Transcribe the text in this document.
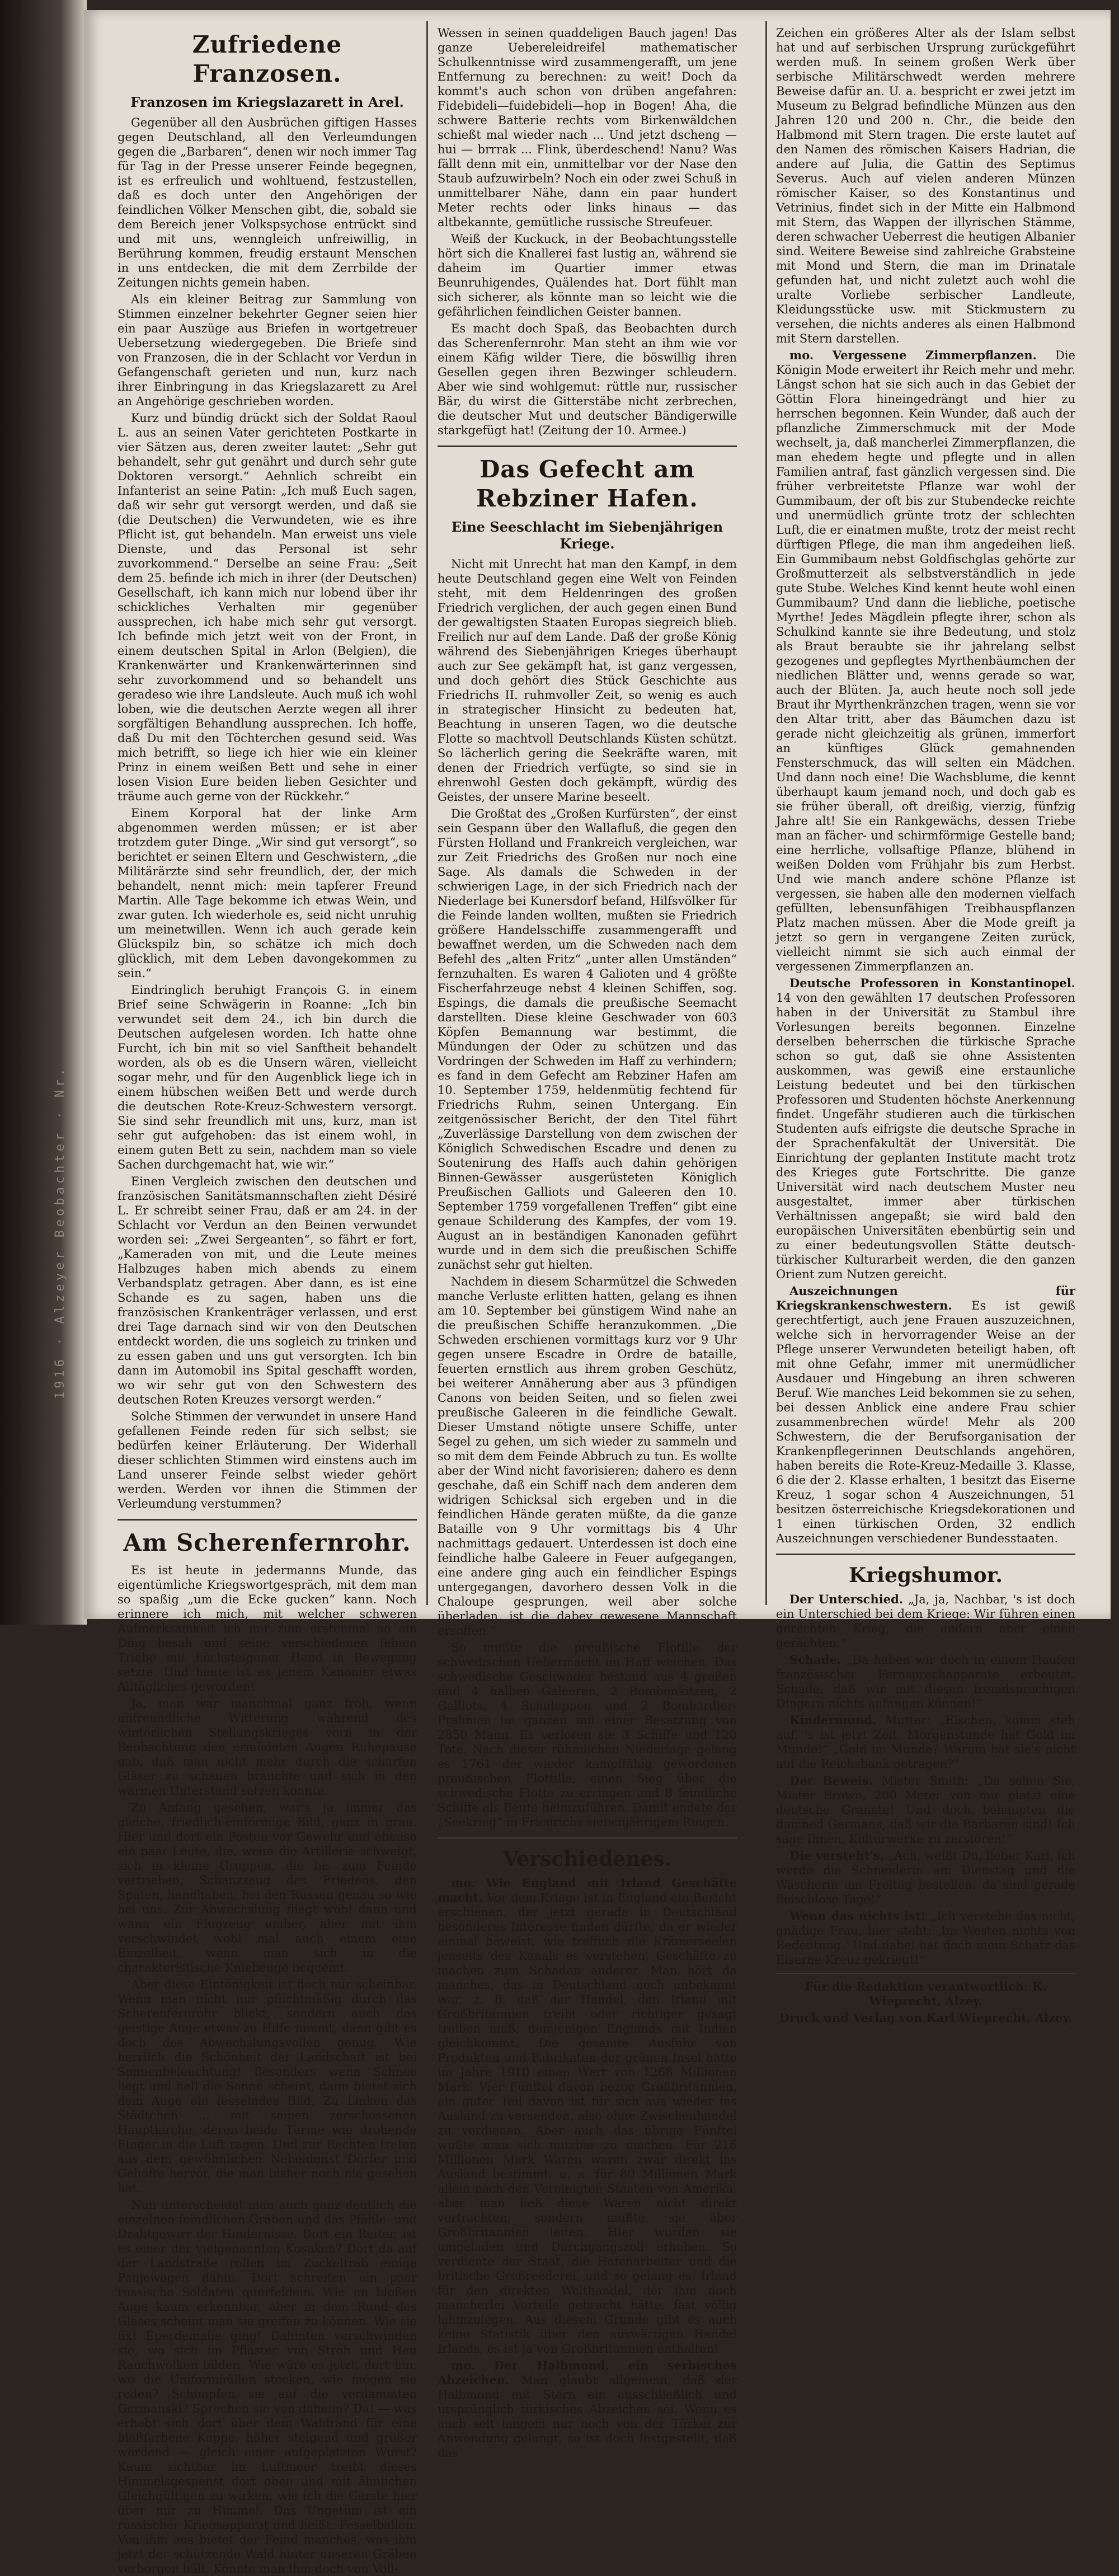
1916 · Alzeyer Beobachter · Nr.
Zufriedene Franzosen.
Franzosen im Kriegslazarett in Arel.

Gegenüber all den Ausbrüchen giftigen Hasses gegen Deutschland, all den Verleumdungen gegen die „Barbaren“, denen wir noch immer Tag für Tag in der Presse unserer Feinde begegnen, ist es erfreulich und wohltuend, festzustellen, daß es doch unter den Angehörigen der feindlichen Völker Menschen gibt, die, sobald sie dem Bereich jener Volkspsychose entrückt sind und mit uns, wenngleich unfreiwillig, in Berührung kommen, freudig erstaunt Menschen in uns entdecken, die mit dem Zerrbilde der Zeitungen nichts gemein haben.

Als ein kleiner Beitrag zur Sammlung von Stimmen einzelner bekehrter Gegner seien hier ein paar Auszüge aus Briefen in wortgetreuer Uebersetzung wiedergegeben. Die Briefe sind von Franzosen, die in der Schlacht vor Verdun in Gefangenschaft gerieten und nun, kurz nach ihrer Einbringung in das Kriegslazarett zu Arel an Angehörige geschrieben worden.

Kurz und bündig drückt sich der Soldat Raoul L. aus an seinen Vater gerichteten Postkarte in vier Sätzen aus, deren zweiter lautet: „Sehr gut behandelt, sehr gut genährt und durch sehr gute Doktoren versorgt.“ Aehnlich schreibt ein Infanterist an seine Patin: „Ich muß Euch sagen, daß wir sehr gut versorgt werden, und daß sie (die Deutschen) die Verwundeten, wie es ihre Pflicht ist, gut behandeln. Man erweist uns viele Dienste, und das Personal ist sehr zuvorkommend.“ Derselbe an seine Frau: „Seit dem 25. befinde ich mich in ihrer (der Deutschen) Gesellschaft, ich kann mich nur lobend über ihr schickliches Verhalten mir gegenüber aussprechen, ich habe mich sehr gut versorgt. Ich befinde mich jetzt weit von der Front, in einem deutschen Spital in Arlon (Belgien), die Krankenwärter und Krankenwärterinnen sind sehr zuvorkommend und so behandelt uns geradeso wie ihre Landsleute. Auch muß ich wohl loben, wie die deutschen Aerzte wegen all ihrer sorgfältigen Behandlung aussprechen. Ich hoffe, daß Du mit den Töchterchen gesund seid. Was mich betrifft, so liege ich hier wie ein kleiner Prinz in einem weißen Bett und sehe in einer losen Vision Eure beiden lieben Gesichter und träume auch gerne von der Rückkehr.“

Einem Korporal hat der linke Arm abgenommen werden müssen; er ist aber trotzdem guter Dinge. „Wir sind gut versorgt“, so berichtet er seinen Eltern und Geschwistern, „die Militärärzte sind sehr freundlich, der, der mich behandelt, nennt mich: mein tapferer Freund Martin. Alle Tage bekomme ich etwas Wein, und zwar guten. Ich wiederhole es, seid nicht unruhig um meinetwillen. Wenn ich auch gerade kein Glückspilz bin, so schätze ich mich doch glücklich, mit dem Leben davongekommen zu sein.“

Eindringlich beruhigt François G. in einem Brief seine Schwägerin in Roanne: „Ich bin verwundet seit dem 24., ich bin durch die Deutschen aufgelesen worden. Ich hatte ohne Furcht, ich bin mit so viel Sanftheit behandelt worden, als ob es die Unsern wären, vielleicht sogar mehr, und für den Augenblick liege ich in einem hübschen weißen Bett und werde durch die deutschen Rote-Kreuz-Schwestern versorgt. Sie sind sehr freundlich mit uns, kurz, man ist sehr gut aufgehoben: das ist einem wohl, in einem guten Bett zu sein, nachdem man so viele Sachen durchgemacht hat, wie wir.“

Einen Vergleich zwischen den deutschen und französischen Sanitätsmannschaften zieht Désiré L. Er schreibt seiner Frau, daß er am 24. in der Schlacht vor Verdun an den Beinen verwundet worden sei: „Zwei Sergeanten“, so fährt er fort, „Kameraden von mit, und die Leute meines Halbzuges haben mich abends zu einem Verbandsplatz getragen. Aber dann, es ist eine Schande es zu sagen, haben uns die französischen Krankenträger verlassen, und erst drei Tage darnach sind wir von den Deutschen entdeckt worden, die uns sogleich zu trinken und zu essen gaben und uns gut versorgten. Ich bin dann im Automobil ins Spital geschafft worden, wo wir sehr gut von den Schwestern des deutschen Roten Kreuzes versorgt werden.“

Solche Stimmen der verwundet in unsere Hand gefallenen Feinde reden für sich selbst; sie bedürfen keiner Erläuterung. Der Widerhall dieser schlichten Stimmen wird einstens auch im Land unserer Feinde selbst wieder gehört werden. Werden vor ihnen die Stimmen der Verleumdung verstummen?

Am Scherenfernrohr.

Es ist heute in jedermanns Munde, das eigentümliche Kriegswortgespräch, mit dem man so spaßig „um die Ecke gucken“ kann. Noch erinnere ich mich, mit welcher schweren Aufmerksamkeit ich mir zum erstenmal so ein Ding besah und seine verschiedenen feinen Triebe mit höchsteigener Hand in Bewegung setzte. Und heute ist es jenem Kanonier etwas Alltägliches geworden!

Ja, man war manchmal ganz froh, wenn unfreundliche Witterung während des winterlichen Stellungskrieges vorn in der Beobachtung den ermüdeten Augen Ruhepause gab, daß man nicht mehr durch die scharfen Gläser zu schauen brauchte und sich in den warmen Unterstand setzen konnte.

Zu Anfang gesehen, war's ja immer das gleiche, friedlich-einförmige Bild, ganz in grau. Hier und dort ein Posten vor Gewehr und ebenso ein paar Leute, die, wenn die Artillerie schweigt, sich in kleine Gruppen, die bis zum Feinde vertrieben, Schanzzeug des Friedens, den Spaten, handhaben; bei den Russen genau so wie bei uns. Zur Abwechslung fliegt wohl dann und wann ein Flugzeug umher, aber mit ihm verschwindet wohl mal auch einem eine Einzelheit, wenn man sich in die charakteristische Kniebeuge bequemt.

Aber diese Eintönigkeit ist doch nur scheinbar. Wenn man nicht nur pflichtmäßig durch das Scherenfernrohr blickt, sondern auch das geistige Auge etwas zu Hilfe nimmt, dann gibt es doch des Abwechslungsvollen genug. Wie herrlich die Schönheit der Landschaft ist bei Sonnenbeleuchtung! Besonders wenn Schnee liegt und hell die Sonne scheint, dann bietet sich dem Auge ein fesselndes Bild. Zu Linken das Städtchen ... mit seinen zerschossenen Hauptkirche, deren beide Türme wie drohende Finger in die Luft ragen. Und zur Rechten treten aus dem gewöhnlichen Nebeldunst Dörfer und Gehöfte hervor, die man bisher noch nie gesehen hat.

Nun unterscheidet man auch ganz deutlich die einzelnen feindlichen Gräben und das Pfähle- und Drahtgewirr der Hindernisse. Dort ein Reiter, ist es einer der vielgenannten Kosaken? Dort da auf der Landstraße rollen im Zuckeltrab einige Panjewagen dahin. Dort schreiten ein paar russische Soldaten querfeldein. Wie im bloßen Auge kaum erkennbar, aber in dem Rund des Glases scheint man sie greifen zu können. Wie sie fix! Eperdemalie ging! Dahinten verschwinden sie, wo sich im Pflaster von Stroh und Heu Rauchwolken bilden. Wie wäre es jetzt, dort hin, wo die Uniformhüllen stecken, wie mögen sie reden? Schimpfen sie auf die verdammten Germanski? Sprechen sie von daheim? Da! — was erhebt sich dort über dem Waldrand für eine blaßfarbene Kuppe, höher steigend und größer werdend — gleich einer aufgeplatzten Wurst? Kaum sichtbar im Luftmeer treibt dieses Himmelsgespenst dort oben und mit ähnlichen Gleichgültigen zu wirken, wie ich die Gerste hier über mir zu Himmel. Das Ungetüm ist ein russischer Kriegsapparat und heißt: Fesselballon. Von ihm aus bietet der Feind manches, was ihm jetzt der schützende Wald hinter unseren Gräben verborgen hält. Könnte man ihm doch von Voll-

Wessen in seinen quaddeligen Bauch jagen! Das ganze Uebereleidreifel mathematischer Schulkenntnisse wird zusammengerafft, um jene Entfernung zu berechnen: zu weit! Doch da kommt's auch schon von drüben angefahren: Fidebideli—fuidebideli—hop in Bogen! Aha, die schwere Batterie rechts vom Birkenwäldchen schießt mal wieder nach ... Und jetzt dscheng — hui — brrrak ... Flink, überdeschend! Nanu? Was fällt denn mit ein, unmittelbar vor der Nase den Staub aufzuwirbeln? Noch ein oder zwei Schuß in unmittelbarer Nähe, dann ein paar hundert Meter rechts oder links hinaus — das altbekannte, gemütliche russische Streufeuer.

Weiß der Kuckuck, in der Beobachtungsstelle hört sich die Knallerei fast lustig an, während sie daheim im Quartier immer etwas Beunruhigendes, Quälendes hat. Dort fühlt man sich sicherer, als könnte man so leicht wie die gefährlichen feindlichen Geister bannen.

Es macht doch Spaß, das Beobachten durch das Scherenfernrohr. Man steht an ihm wie vor einem Käfig wilder Tiere, die böswillig ihren Gesellen gegen ihren Bezwinger schleudern. Aber wie sind wohlgemut: rüttle nur, russischer Bär, du wirst die Gitterstäbe nicht zerbrechen, die deutscher Mut und deutscher Bändigerwille starkgefügt hat! (Zeitung der 10. Armee.)

Das Gefecht am Rebziner Hafen.
Eine Seeschlacht im Siebenjährigen Kriege.

Nicht mit Unrecht hat man den Kampf, in dem heute Deutschland gegen eine Welt von Feinden steht, mit dem Heldenringen des großen Friedrich verglichen, der auch gegen einen Bund der gewaltigsten Staaten Europas siegreich blieb. Freilich nur auf dem Lande. Daß der große König während des Siebenjährigen Krieges überhaupt auch zur See gekämpft hat, ist ganz vergessen, und doch gehört dies Stück Geschichte aus Friedrichs II. ruhmvoller Zeit, so wenig es auch in strategischer Hinsicht zu bedeuten hat, Beachtung in unseren Tagen, wo die deutsche Flotte so machtvoll Deutschlands Küsten schützt. So lächerlich gering die Seekräfte waren, mit denen der Friedrich verfügte, so sind sie in ehrenwohl Gesten doch gekämpft, würdig des Geistes, der unsere Marine beseelt.

Die Großtat des „Großen Kurfürsten“, der einst sein Gespann über den Wallafluß, die gegen den Fürsten Holland und Frankreich vergleichen, war zur Zeit Friedrichs des Großen nur noch eine Sage. Als damals die Schweden in der schwierigen Lage, in der sich Friedrich nach der Niederlage bei Kunersdorf befand, Hilfsvölker für die Feinde landen wollten, mußten sie Friedrich größere Handelsschiffe zusammengerafft und bewaffnet werden, um die Schweden nach dem Befehl des „alten Fritz“ „unter allen Umständen“ fernzuhalten. Es waren 4 Galioten und 4 größte Fischerfahrzeuge nebst 4 kleinen Schiffen, sog. Espings, die damals die preußische Seemacht darstellten. Diese kleine Geschwader von 603 Köpfen Bemannung war bestimmt, die Mündungen der Oder zu schützen und das Vordringen der Schweden im Haff zu verhindern; es fand in dem Gefecht am Rebziner Hafen am 10. September 1759, heldenmütig fechtend für Friedrichs Ruhm, seinen Untergang. Ein zeitgenössischer Bericht, der den Titel führt „Zuverlässige Darstellung von dem zwischen der Königlich Schwedischen Escadre und denen zu Soutenirung des Haffs auch dahin gehörigen Binnen-Gewässer ausgerüsteten Königlich Preußischen Galliots und Galeeren den 10. September 1759 vorgefallenen Treffen“ gibt eine genaue Schilderung des Kampfes, der vom 19. August an in beständigen Kanonaden geführt wurde und in dem sich die preußischen Schiffe zunächst sehr gut hielten.

Nachdem in diesem Scharmützel die Schweden manche Verluste erlitten hatten, gelang es ihnen am 10. September bei günstigem Wind nahe an die preußischen Schiffe heranzukommen. „Die Schweden erschienen vormittags kurz vor 9 Uhr gegen unsere Escadre in Ordre de bataille, feuerten ernstlich aus ihrem groben Geschütz, bei weiterer Annäherung aber aus 3 pfündigen Canons von beiden Seiten, und so fielen zwei preußische Galeeren in die feindliche Gewalt. Dieser Umstand nötigte unsere Schiffe, unter Segel zu gehen, um sich wieder zu sammeln und so mit dem dem Feinde Abbruch zu tun. Es wollte aber der Wind nicht favorisieren; dahero es denn geschahe, daß ein Schiff nach dem anderen dem widrigen Schicksal sich ergeben und in die feindlichen Hände geraten müßte, da die ganze Bataille von 9 Uhr vormittags bis 4 Uhr nachmittags gedauert. Unterdessen ist doch eine feindliche halbe Galeere in Feuer aufgegangen, eine andere ging auch ein feindlicher Espings untergegangen, davorhero dessen Volk in die Chaloupe gesprungen, weil aber solche überladen, ist die dabey gewesene Mannschaft ersoffen.“

So mußte die preußische Flotille der schwedischen Uebermacht im Haff weichen. Das schwedische Geschwader bestand aus 4 großen und 4 halben Galeeren, 2 Bombenkitzen, 2 Galliots, 4 Schaluppen und 2 Bombardier-Prahmen im ganzen mit einer Besatzung von 2850 Mann. Es verloren sie 3 Schiffe und 120 Tote. Nach dieser rühmlichen Niederlage gelang es 1761 der wieder kampffähig gewordenen preußischen Flottille, einen Sieg über die schwedische Flotte zu erringen und 8 feindliche Schiffe als Beute heimzuführen. Damit endete der „Seekrieg“ in Friedrichs siebenjährigem Ringen.

Verschiedenes.

mo. Wie England mit Irland Geschäfte macht. Vor dem Kriege ist in England ein Bericht erschienen, der jetzt gerade in Deutschland besonderes Interesse finden dürfte, da er wieder einmal beweist, wie trefflich die Krämerseelen jenseits des Kanals es verstehen, Geschäfte zu machen zum Schaden anderer. Man hört da manches, das in Deutschland noch unbekannt war, z. B. daß der Handel, den Irland mit Großbritannien treibt oder richtiger gesagt treiben muß, demjenigen Englands mit Indien gleichkommt. Die gesamte Ausfuhr von Produkten und Fabrikaten der grünen Insel hatte im Jahre 1910 einen Wert von 1268 Millionen Mark. Vier Fünftel davon bezog Großbritannien, ein guter Teil davon ist für sich aus wieder ins Ausland zu versenden, also ohne Zwischenhandel zu verdienen. Aber auch das übrige Fünftel wußte man sich nutzbar zu machen. Für 216 Millionen Mark Waren waren zwar direkt ins Ausland bestimmt, u. a. für 80 Millionen Mark allein nach den Vereinigten Staaten von Amerika, aber man ließ diese Waren nicht direkt verfrachten, sondern mußte sie über Großbritannien leiten. Hier wurden sie umgeladen und Durchgangszoll erhoben. So verdiente der Staat, die Hafenarbeiter und die britische Großreederei, und so gelang es, Irland für den direkten Welthandel, der ihm doch mancherlei Vorteile gebracht hätte, fast völlig lahmzulegen. Aus diesem Grunde gibt es auch keine Statistik über den auswärtigen Handel Irlands, es ist ja von Großbritannien enthalten!

mo. Der Halbmond, ein serbisches Abzeichen. Man glaubt allgemein, daß der Halbmond mit Stern ein ausschließlich und ursprünglich türkisches Abzeichen sei. Wenn es auch seit langem nur noch von der Türkei zur Anwendung gelangt, so ist doch festgestellt, daß das

Zeichen ein größeres Alter als der Islam selbst hat und auf serbischen Ursprung zurückgeführt werden muß. In seinem großen Werk über serbische Militärschwedt werden mehrere Beweise dafür an. U. a. bespricht er zwei jetzt im Museum zu Belgrad befindliche Münzen aus den Jahren 120 und 200 n. Chr., die beide den Halbmond mit Stern tragen. Die erste lautet auf den Namen des römischen Kaisers Hadrian, die andere auf Julia, die Gattin des Septimus Severus. Auch auf vielen anderen Münzen römischer Kaiser, so des Konstantinus und Vetrinius, findet sich in der Mitte ein Halbmond mit Stern, das Wappen der illyrischen Stämme, deren schwacher Ueberrest die heutigen Albanier sind. Weitere Beweise sind zahlreiche Grabsteine mit Mond und Stern, die man im Drinatale gefunden hat, und nicht zuletzt auch wohl die uralte Vorliebe serbischer Landleute, Kleidungsstücke usw. mit Stickmustern zu versehen, die nichts anderes als einen Halbmond mit Stern darstellen.

mo. Vergessene Zimmerpflanzen. Die Königin Mode erweitert ihr Reich mehr und mehr. Längst schon hat sie sich auch in das Gebiet der Göttin Flora hineingedrängt und hier zu herrschen begonnen. Kein Wunder, daß auch der pflanzliche Zimmerschmuck mit der Mode wechselt, ja, daß mancherlei Zimmerpflanzen, die man ehedem hegte und pflegte und in allen Familien antraf, fast gänzlich vergessen sind. Die früher verbreitetste Pflanze war wohl der Gummibaum, der oft bis zur Stubendecke reichte und unermüdlich grünte trotz der schlechten Luft, die er einatmen mußte, trotz der meist recht dürftigen Pflege, die man ihm angedeihen ließ. Ein Gummibaum nebst Goldfischglas gehörte zur Großmutterzeit als selbstverständlich in jede gute Stube. Welches Kind kennt heute wohl einen Gummibaum? Und dann die liebliche, poetische Myrthe! Jedes Mägdlein pflegte ihrer, schon als Schulkind kannte sie ihre Bedeutung, und stolz als Braut beraubte sie ihr jahrelang selbst gezogenes und gepflegtes Myrthenbäumchen der niedlichen Blätter und, wenns gerade so war, auch der Blüten. Ja, auch heute noch soll jede Braut ihr Myrthenkränzchen tragen, wenn sie vor den Altar tritt, aber das Bäumchen dazu ist gerade nicht gleichzeitig als grünen, immerfort an künftiges Glück gemahnenden Fensterschmuck, das will selten ein Mädchen. Und dann noch eine! Die Wachsblume, die kennt überhaupt kaum jemand noch, und doch gab es sie früher überall, oft dreißig, vierzig, fünfzig Jahre alt! Sie ein Rankgewächs, dessen Triebe man an fächer- und schirmförmige Gestelle band; eine herrliche, vollsaftige Pflanze, blühend in weißen Dolden vom Frühjahr bis zum Herbst. Und wie manch andere schöne Pflanze ist vergessen, sie haben alle den modernen vielfach gefüllten, lebensunfähigen Treibhauspflanzen Platz machen müssen. Aber die Mode greift ja jetzt so gern in vergangene Zeiten zurück, vielleicht nimmt sie sich auch einmal der vergessenen Zimmerpflanzen an.

Deutsche Professoren in Konstantinopel. 14 von den gewählten 17 deutschen Professoren haben in der Universität zu Stambul ihre Vorlesungen bereits begonnen. Einzelne derselben beherrschen die türkische Sprache schon so gut, daß sie ohne Assistenten auskommen, was gewiß eine erstaunliche Leistung bedeutet und bei den türkischen Professoren und Studenten höchste Anerkennung findet. Ungefähr studieren auch die türkischen Studenten aufs eifrigste die deutsche Sprache in der Sprachenfakultät der Universität. Die Einrichtung der geplanten Institute macht trotz des Krieges gute Fortschritte. Die ganze Universität wird nach deutschem Muster neu ausgestaltet, immer aber türkischen Verhältnissen angepaßt; sie wird bald den europäischen Universitäten ebenbürtig sein und zu einer bedeutungsvollen Stätte deutsch-türkischer Kulturarbeit werden, die den ganzen Orient zum Nutzen gereicht.

Auszeichnungen für Kriegskrankenschwestern. Es ist gewiß gerechtfertigt, auch jene Frauen auszuzeichnen, welche sich in hervorragender Weise an der Pflege unserer Verwundeten beteiligt haben, oft mit ohne Gefahr, immer mit unermüdlicher Ausdauer und Hingebung an ihren schweren Beruf. Wie manches Leid bekommen sie zu sehen, bei dessen Anblick eine andere Frau schier zusammenbrechen würde! Mehr als 200 Schwestern, die der Berufsorganisation der Krankenpflegerinnen Deutschlands angehören, haben bereits die Rote-Kreuz-Medaille 3. Klasse, 6 die der 2. Klasse erhalten, 1 besitzt das Eiserne Kreuz, 1 sogar schon 4 Auszeichnungen, 51 besitzen österreichische Kriegsdekorationen und 1 einen türkischen Orden, 32 endlich Auszeichnungen verschiedener Bundesstaaten.

Kriegshumor.

Der Unterschied. „Ja, ja, Nachbar, 's ist doch ein Unterschied bei dem Kriege: Wir führen einen gerechten Krieg, die andern aber einen gerächten.“

Schade. „Da haben wir doch in einem Haufen französischer Fernsprechapparate erbeutet. Schade, daß wir mit diesen fremdsprachigen Dingern nichts anfangen können!“

Kindermund. Mutter: „Elschen, komm steh auf, 's ist jetzt Zeit, Morgenstunde hat Gold im Munde!“ „Gold im Munde? Warum hat sie's nicht auf die Reichsbank getragen?“

Der Beweis. Mister Smith: „Da sehen Sie, Mister Brown, 200 Meter von mir platzt eine deutsche Granate! Und doch behaupten die damned Germans, daß wir die Barbaren sind! Ich sage Ihnen, Kulturwerke zu zerstören!“

Die versteht's. „Ach, weißt Du, lieber Karl, ich werde die Schneiderin am Dienstag und die Wäscherin am Freitag bestellen, da sind gerade fleischlose Tage!“

Wenn das nichts ist! „Ich verstehe das nicht, gnädige Frau, hier steht: ,Im Westen nichts von Bedeutung.' Und dabei hat doch mein Schatz das Eiserne Kreuz gekriegt!“

Für die Redaktion verantwortlich: K. Wieprecht, Alzey.

Druck und Verlag von Karl Wieprecht, Alzey.
